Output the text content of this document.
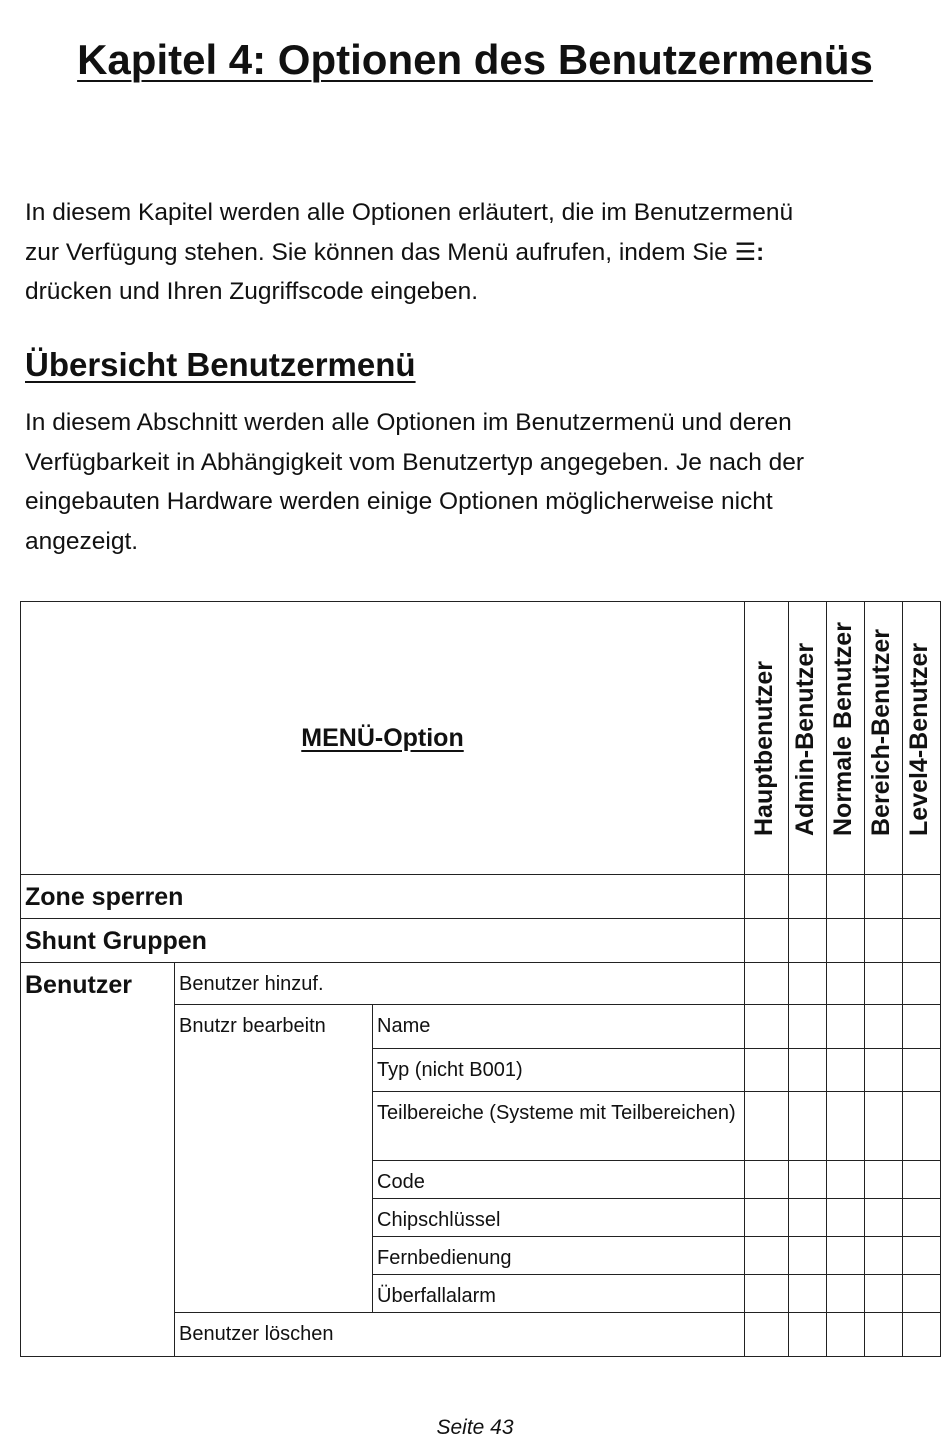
Kapitel 4: Optionen des Benutzermenüs

In diesem Kapitel werden alle Optionen erläutert, die im Benutzermenü
zur Verfügung stehen. Sie können das Menü aufrufen, indem Sie ☰:
drücken und Ihren Zugriffscode eingeben.

Übersicht Benutzermenü

In diesem Abschnitt werden alle Optionen im Benutzermenü und deren
Verfügbarkeit in Abhängigkeit vom Benutzertyp angegeben. Je nach der
eingebauten Hardware werden einige Optionen möglicherweise nicht
angezeigt.

MENÜ-Option			Hauptbenutzer	Admin-Benutzer	Normale Benutzer	Bereich-Benutzer	Level4-Benutzer

Zone sperren							
Shunt Gruppen							
Benutzer	Benutzer hinzuf.						
	Bnutzr bearbeitn	Name					
		Typ (nicht B001)					
		Teilbereiche (Systeme mit Teilbereichen)					
		Code					
		Chipschlüssel					
		Fernbedienung					
		Überfallalarm					
	Benutzer löschen						
Seite 43
